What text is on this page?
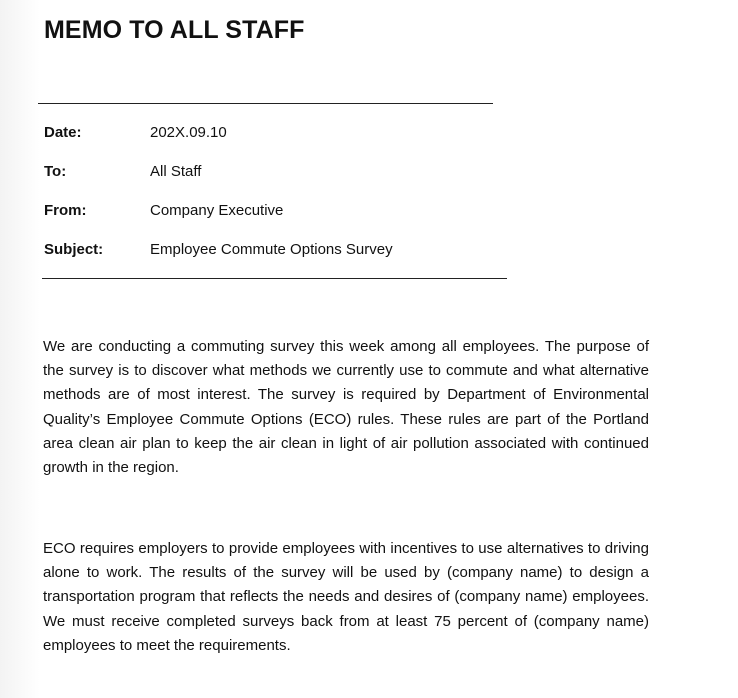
MEMO TO ALL STAFF
Date:	202X.09.10
To:	All Staff
From:	Company Executive
Subject:	Employee Commute Options Survey

We are conducting a commuting survey this week among all employees. The purpose of the survey is to discover what methods we currently use to commute and what alternative methods are of most interest. The survey is required by Department of Environmental Quality’s Employee Commute Options (ECO) rules. These rules are part of the Portland area clean air plan to keep the air clean in light of air pollution associated with continued growth in the region.

ECO requires employers to provide employees with incentives to use alternatives to driving alone to work. The results of the survey will be used by (company name) to design a transportation program that reflects the needs and desires of (company name) employees. We must receive completed surveys back from at least 75 percent of (company name) employees to meet the requirements.
